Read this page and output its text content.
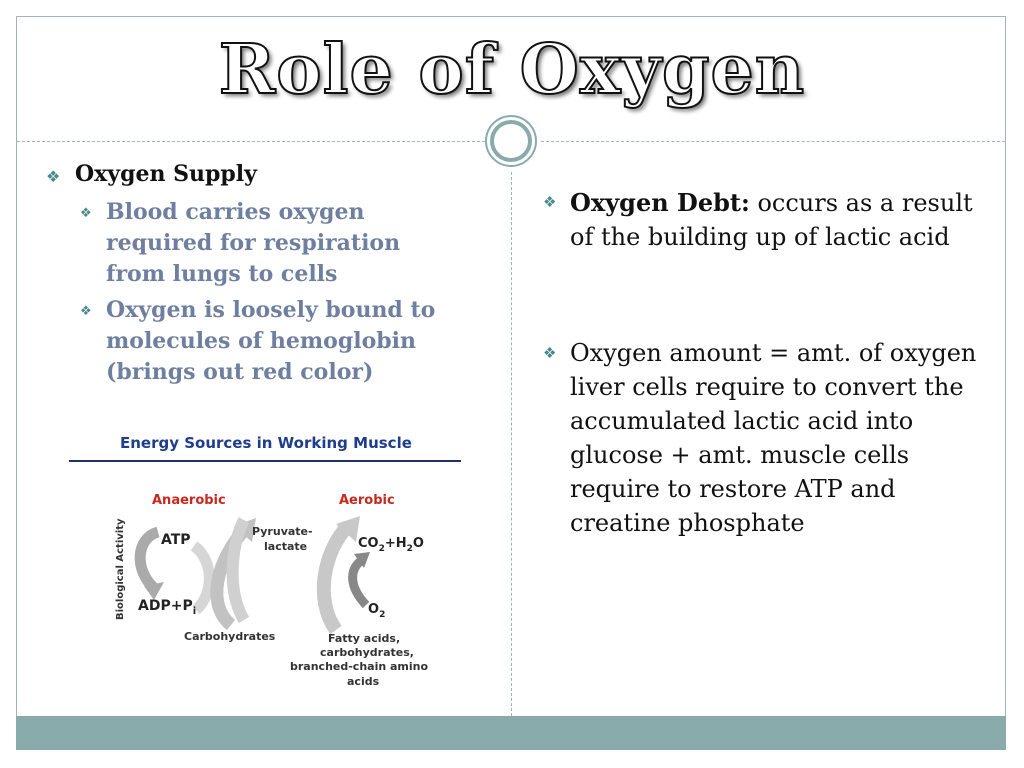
Role of Oxygen
❖ Oxygen Supply
❖ Blood carries oxygen required for respiration from lungs to cells
❖ Oxygen is loosely bound to molecules of hemoglobin (brings out red color)
Energy Sources in Working Muscle
Anaerobic	Aerobic
Biological Activity	ATP
$ADP+P_i$
Pyruvate-
lactate
Carbohydrates
$CO_2+H_2O$
$O_2$
Fatty acids,
carbohydrates,
branched-chain amino
acids
❖ Oxygen Debt: occurs as a result of the building up of lactic acid
❖ Oxygen amount = amt. of oxygen liver cells require to convert the accumulated lactic acid into glucose + amt. muscle cells require to restore ATP and creatine phosphate
